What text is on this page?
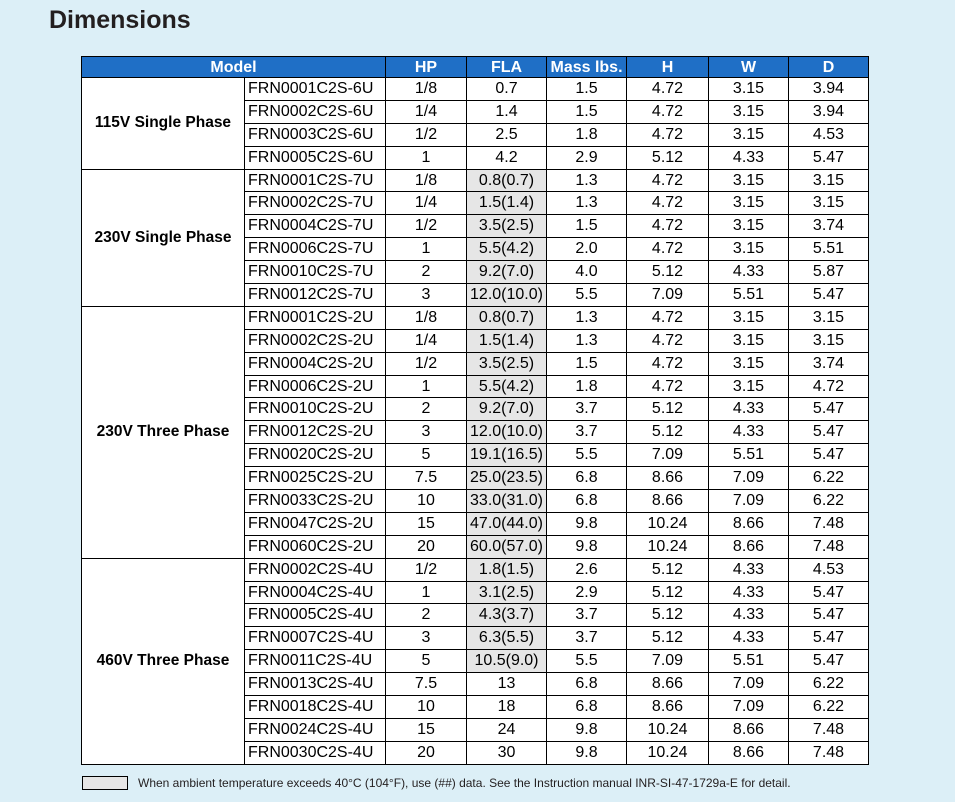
Dimensions
Model		HP	FLA	Mass lbs.	H	W	D
115V Single Phase	FRN0001C2S-6U	1/8	0.7	1.5	4.72	3.15	3.94
	FRN0002C2S-6U	1/4	1.4	1.5	4.72	3.15	3.94
	FRN0003C2S-6U	1/2	2.5	1.8	4.72	3.15	4.53
	FRN0005C2S-6U	1	4.2	2.9	5.12	4.33	5.47
230V Single Phase	FRN0001C2S-7U	1/8	0.8(0.7)	1.3	4.72	3.15	3.15
	FRN0002C2S-7U	1/4	1.5(1.4)	1.3	4.72	3.15	3.15
	FRN0004C2S-7U	1/2	3.5(2.5)	1.5	4.72	3.15	3.74
	FRN0006C2S-7U	1	5.5(4.2)	2.0	4.72	3.15	5.51
	FRN0010C2S-7U	2	9.2(7.0)	4.0	5.12	4.33	5.87
	FRN0012C2S-7U	3	12.0(10.0)	5.5	7.09	5.51	5.47
230V Three Phase	FRN0001C2S-2U	1/8	0.8(0.7)	1.3	4.72	3.15	3.15
	FRN0002C2S-2U	1/4	1.5(1.4)	1.3	4.72	3.15	3.15
	FRN0004C2S-2U	1/2	3.5(2.5)	1.5	4.72	3.15	3.74
	FRN0006C2S-2U	1	5.5(4.2)	1.8	4.72	3.15	4.72
	FRN0010C2S-2U	2	9.2(7.0)	3.7	5.12	4.33	5.47
	FRN0012C2S-2U	3	12.0(10.0)	3.7	5.12	4.33	5.47
	FRN0020C2S-2U	5	19.1(16.5)	5.5	7.09	5.51	5.47
	FRN0025C2S-2U	7.5	25.0(23.5)	6.8	8.66	7.09	6.22
	FRN0033C2S-2U	10	33.0(31.0)	6.8	8.66	7.09	6.22
	FRN0047C2S-2U	15	47.0(44.0)	9.8	10.24	8.66	7.48
	FRN0060C2S-2U	20	60.0(57.0)	9.8	10.24	8.66	7.48
460V Three Phase	FRN0002C2S-4U	1/2	1.8(1.5)	2.6	5.12	4.33	4.53
	FRN0004C2S-4U	1	3.1(2.5)	2.9	5.12	4.33	5.47
	FRN0005C2S-4U	2	4.3(3.7)	3.7	5.12	4.33	5.47
	FRN0007C2S-4U	3	6.3(5.5)	3.7	5.12	4.33	5.47
	FRN0011C2S-4U	5	10.5(9.0)	5.5	7.09	5.51	5.47
	FRN0013C2S-4U	7.5	13	6.8	8.66	7.09	6.22
	FRN0018C2S-4U	10	18	6.8	8.66	7.09	6.22
	FRN0024C2S-4U	15	24	9.8	10.24	8.66	7.48
	FRN0030C2S-4U	20	30	9.8	10.24	8.66	7.48
When ambient temperature exceeds 40°C (104°F), use (##) data. See the Instruction manual INR-SI-47-1729a-E for detail.
